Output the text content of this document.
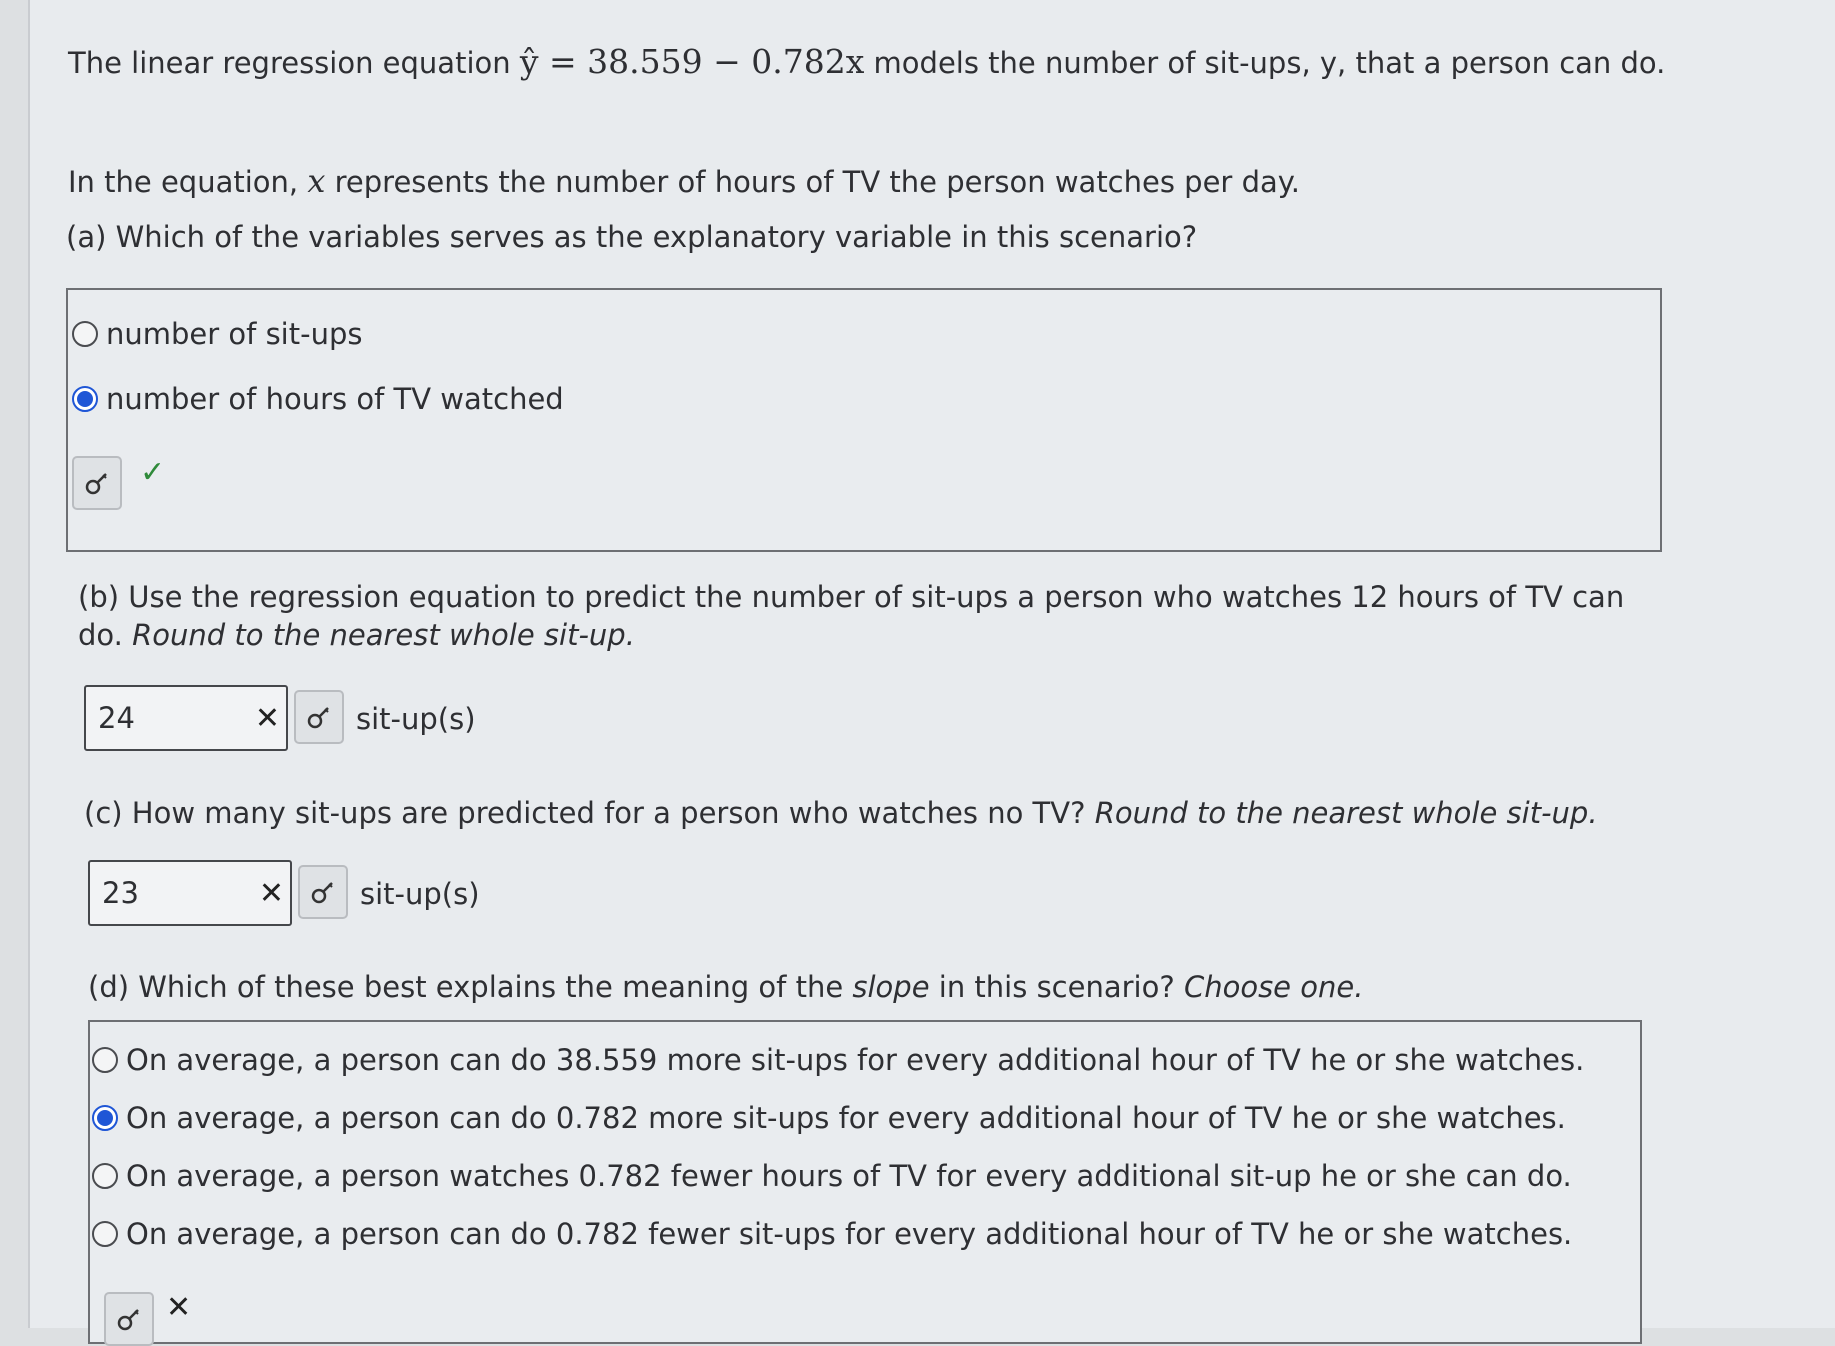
The linear regression equation ŷ = 38.559 − 0.782x models the number of sit-ups, y, that a person can do.
In the equation, x represents the number of hours of TV the person watches per day.
(a) Which of the variables serves as the explanatory variable in this scenario?
number of sit-ups
number of hours of TV watched
✓
(b) Use the regression equation to predict the number of sit-ups a person who watches 12 hours of TV can do. Round to the nearest whole sit-up.
24	✕	sit-up(s)
(c) How many sit-ups are predicted for a person who watches no TV? Round to the nearest whole sit-up.
23	✕	sit-up(s)
(d) Which of these best explains the meaning of the slope in this scenario? Choose one.
On average, a person can do 38.559 more sit-ups for every additional hour of TV he or she watches.
On average, a person can do 0.782 more sit-ups for every additional hour of TV he or she watches.
On average, a person watches 0.782 fewer hours of TV for every additional sit-up he or she can do.
On average, a person can do 0.782 fewer sit-ups for every additional hour of TV he or she watches.
✕
